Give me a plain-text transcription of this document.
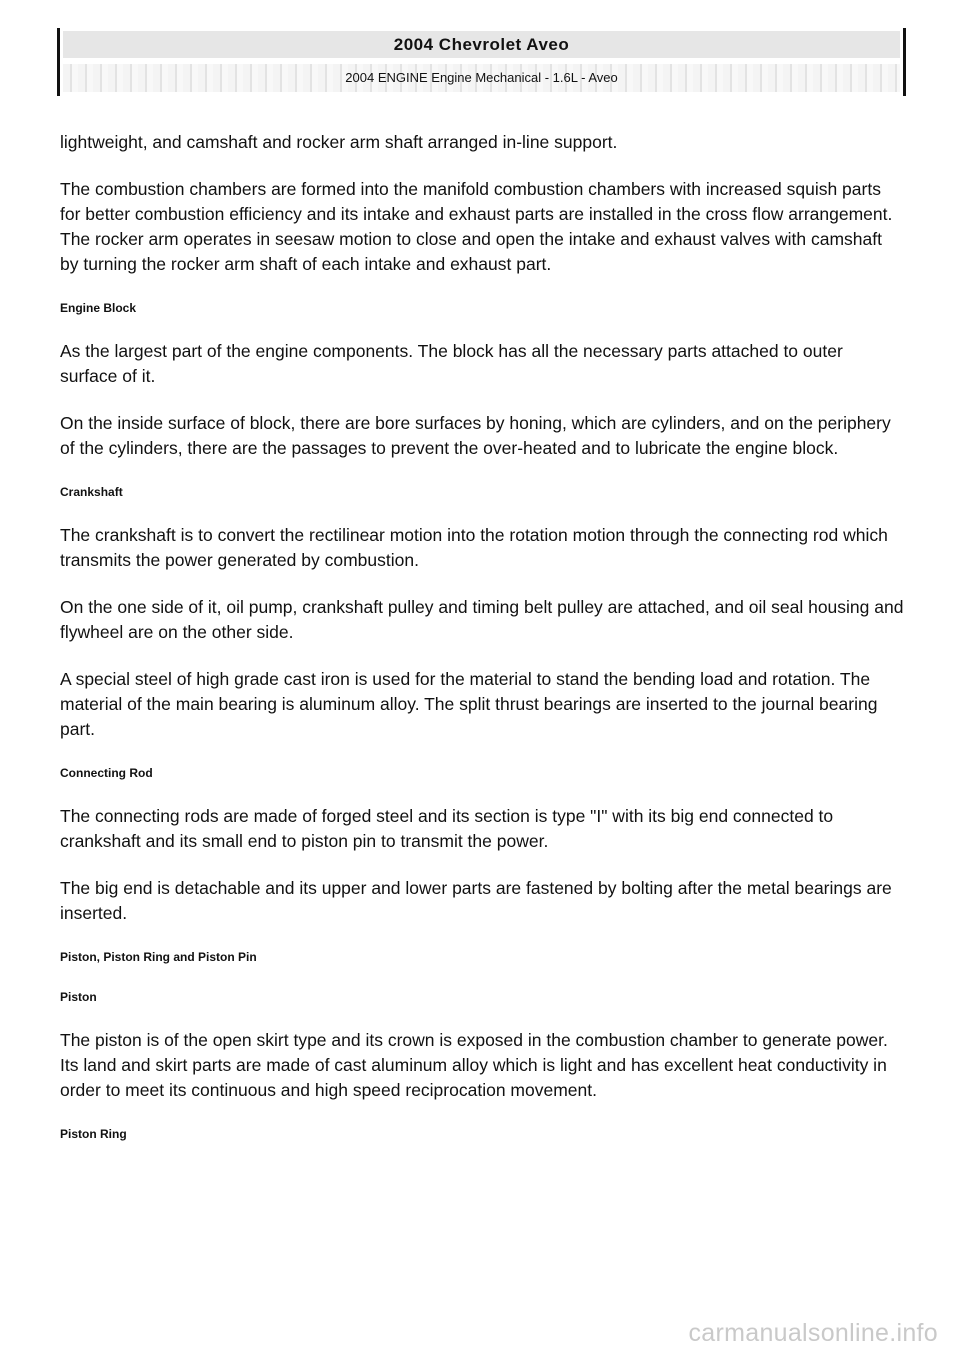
2004 Chevrolet Aveo
2004 ENGINE Engine Mechanical - 1.6L - Aveo

lightweight, and camshaft and rocker arm shaft arranged in-line support.

The combustion chambers are formed into the manifold combustion chambers with increased squish parts for better combustion efficiency and its intake and exhaust parts are installed in the cross flow arrangement. The rocker arm operates in seesaw motion to close and open the intake and exhaust valves with camshaft by turning the rocker arm shaft of each intake and exhaust part.

Engine Block

As the largest part of the engine components. The block has all the necessary parts attached to outer surface of it.

On the inside surface of block, there are bore surfaces by honing, which are cylinders, and on the periphery of the cylinders, there are the passages to prevent the over-heated and to lubricate the engine block.

Crankshaft

The crankshaft is to convert the rectilinear motion into the rotation motion through the connecting rod which transmits the power generated by combustion.

On the one side of it, oil pump, crankshaft pulley and timing belt pulley are attached, and oil seal housing and flywheel are on the other side.

A special steel of high grade cast iron is used for the material to stand the bending load and rotation. The material of the main bearing is aluminum alloy. The split thrust bearings are inserted to the journal bearing part.

Connecting Rod

The connecting rods are made of forged steel and its section is type "I" with its big end connected to crankshaft and its small end to piston pin to transmit the power.

The big end is detachable and its upper and lower parts are fastened by bolting after the metal bearings are inserted.

Piston, Piston Ring and Piston Pin
Piston

The piston is of the open skirt type and its crown is exposed in the combustion chamber to generate power. Its land and skirt parts are made of cast aluminum alloy which is light and has excellent heat conductivity in order to meet its continuous and high speed reciprocation movement.

Piston Ring
carmanualsonline.info
